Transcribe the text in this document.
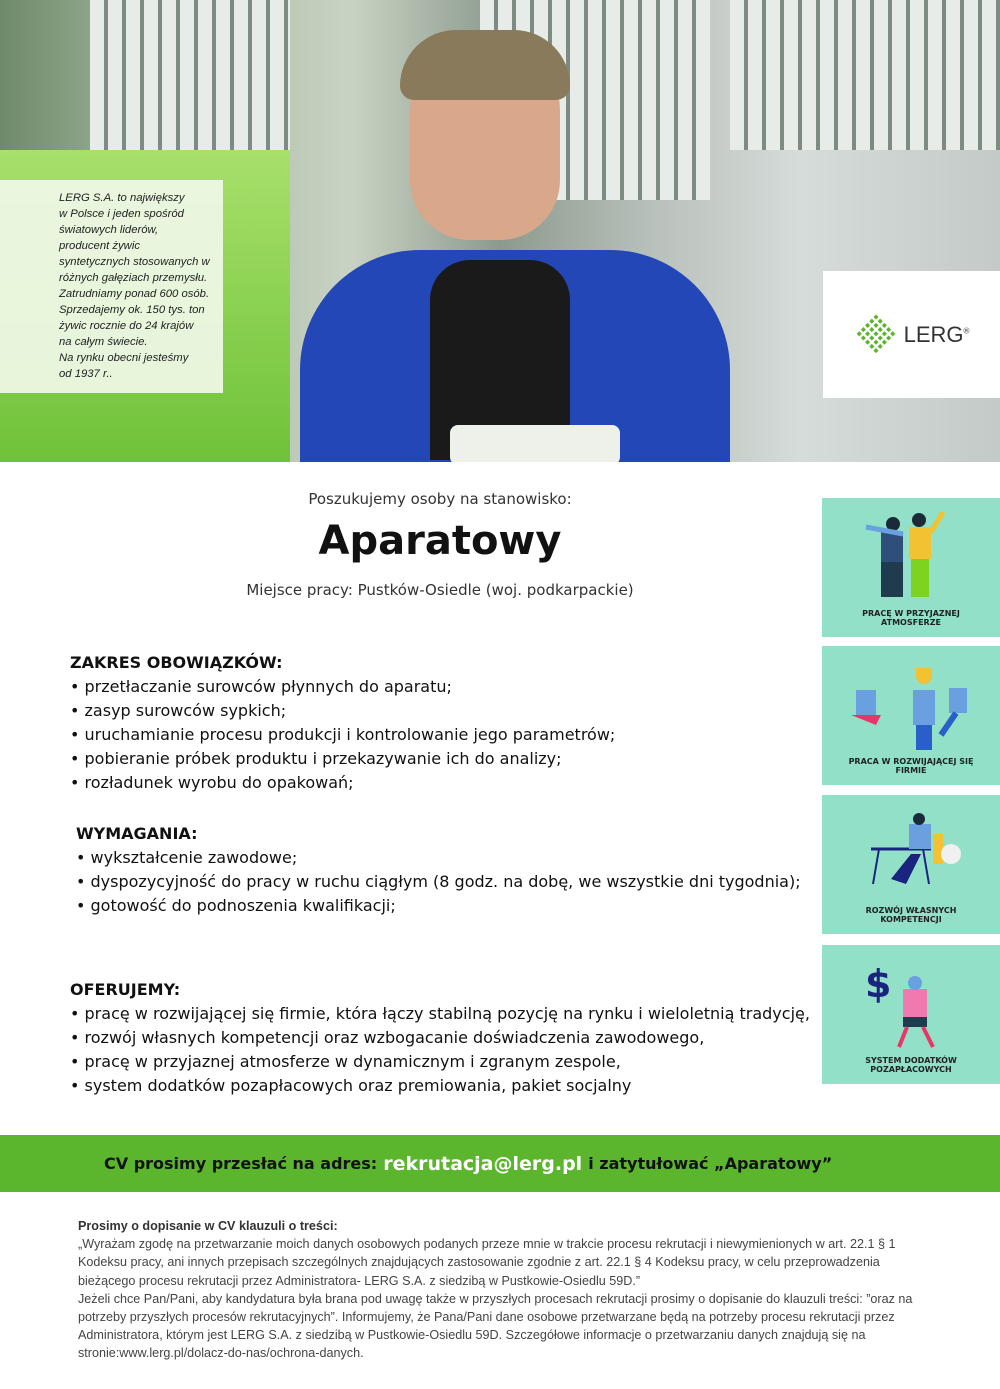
LERG S.A. to największy
w Polsce i jeden spośród
światowych liderów,
producent żywic
syntetycznych stosowanych w
różnych gałęziach przemysłu.
Zatrudniamy ponad 600 osób.
Sprzedajemy ok. 150 tys. ton
żywic rocznie do 24 krajów
na całym świecie.
Na rynku obecni jesteśmy
od 1937 r..
LERG®
Poszukujemy osoby na stanowisko:
Aparatowy
Miejsce pracy: Pustków-Osiedle (woj. podkarpackie)
ZAKRES OBOWIĄZKÓW:
• przetłaczanie surowców płynnych do aparatu;
• zasyp surowców sypkich;
• uruchamianie procesu produkcji i kontrolowanie jego parametrów;
• pobieranie próbek produktu i przekazywanie ich do analizy;
• rozładunek wyrobu do opakowań;
WYMAGANIA:
• wykształcenie zawodowe;
• dyspozycyjność do pracy w ruchu ciągłym (8 godz. na dobę, we wszystkie dni tygodnia);
• gotowość do podnoszenia kwalifikacji;
OFERUJEMY:
• pracę w rozwijającej się firmie, która łączy stabilną pozycję na rynku i wieloletnią tradycję,
• rozwój własnych kompetencji oraz wzbogacanie doświadczenia zawodowego,
• pracę w przyjaznej atmosferze w dynamicznym i zgranym zespole,
• system dodatków pozapłacowych oraz premiowania, pakiet socjalny
PRACĘ W PRZYJAZNEJ
ATMOSFERZE
PRACA W ROZWIJAJĄCEJ SIĘ
FIRMIE
ROZWÓJ WŁASNYCH
KOMPETENCJI
$
SYSTEM DODATKÓW
POZAPŁACOWYCH
CV prosimy przesłać na adres: rekrutacja@lerg.pl i zatytułować „Aparatowy”
Prosimy o dopisanie w CV klauzuli o treści:
„Wyrażam zgodę na przetwarzanie moich danych osobowych podanych przeze mnie w trakcie procesu rekrutacji i niewymienionych w art. 22.1 § 1
Kodeksu pracy, ani innych przepisach szczególnych znajdujących zastosowanie zgodnie z art. 22.1 § 4 Kodeksu pracy, w celu przeprowadzenia
bieżącego procesu rekrutacji przez Administratora- LERG S.A. z siedzibą w Pustkowie-Osiedlu 59D.”
Jeżeli chce Pan/Pani, aby kandydatura była brana pod uwagę także w przyszłych procesach rekrutacji prosimy o dopisanie do klauzuli treści: ”oraz na
potrzeby przyszłych procesów rekrutacyjnych”. Informujemy, że Pana/Pani dane osobowe przetwarzane będą na potrzeby procesu rekrutacji przez
Administratora, którym jest LERG S.A. z siedzibą w Pustkowie-Osiedlu 59D. Szczegółowe informacje o przetwarzaniu danych znajdują się na
stronie:www.lerg.pl/dolacz-do-nas/ochrona-danych.
